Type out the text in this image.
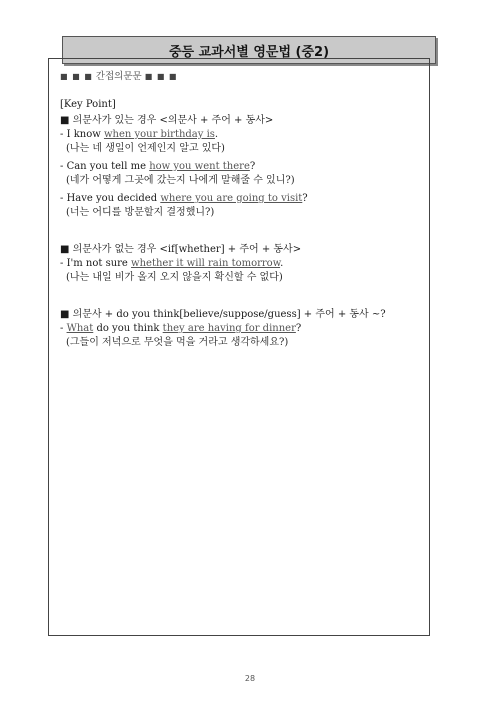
중등 교과서별 영문법 (중2)
■ ■ ■ 간접의문문 ■ ■ ■
[Key Point]
■ 의문사가 있는 경우 <의문사 + 주어 + 동사>
- I know when your birthday is.
(나는 네 생일이 언제인지 알고 있다)
- Can you tell me how you went there?
(네가 어떻게 그곳에 갔는지 나에게 말해줄 수 있니?)
- Have you decided where you are going to visit?
(너는 어디를 방문할지 결정했니?)
■ 의문사가 없는 경우 <if[whether] + 주어 + 동사>
- I'm not sure whether it will rain tomorrow.
(나는 내일 비가 올지 오지 않을지 확신할 수 없다)
■ 의문사 + do you think[believe/suppose/guess] + 주어 + 동사 ~?
- What do you think they are having for dinner?
(그들이 저녁으로 무엇을 먹을 거라고 생각하세요?)
28
